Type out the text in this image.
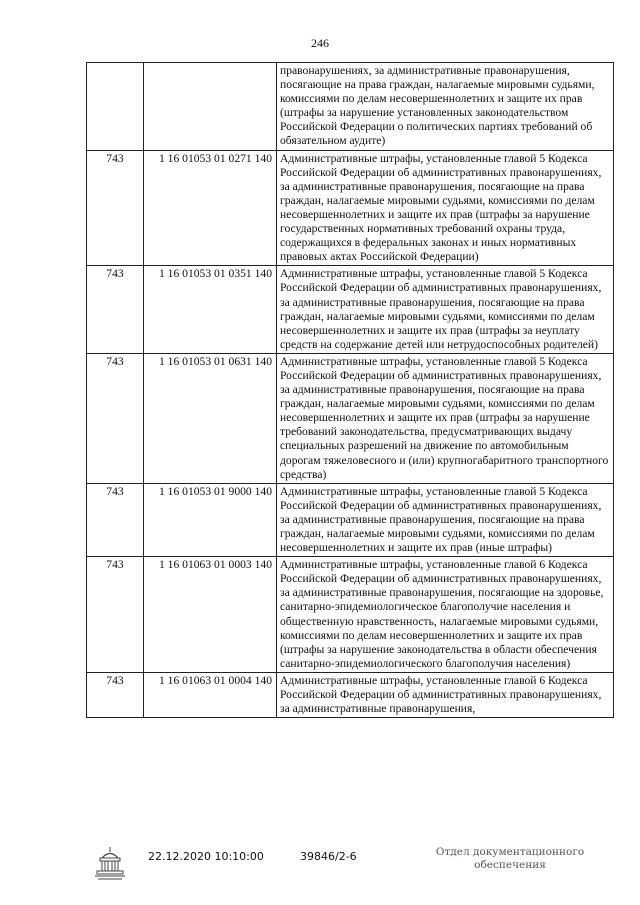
246
		правонарушениях, за административные правонарушения, посягающие на права граждан, налагаемые мировыми судьями, комиссиями по делам несовершеннолетних и защите их прав (штрафы за нарушение установленных законодательством Российской Федерации о политических партиях требований об обязательном аудите)
743	1 16 01053 01 0271 140	Административные штрафы, установленные главой 5 Кодекса Российской Федерации об административных правонарушениях, за административные правонарушения, посягающие на права граждан, налагаемые мировыми судьями, комиссиями по делам несовершеннолетних и защите их прав (штрафы за нарушение государственных нормативных требований охраны труда, содержащихся в федеральных законах и иных нормативных правовых актах Российской Федерации)
743	1 16 01053 01 0351 140	Административные штрафы, установленные главой 5 Кодекса Российской Федерации об административных правонарушениях, за административные правонарушения, посягающие на права граждан, налагаемые мировыми судьями, комиссиями по делам несовершеннолетних и защите их прав (штрафы за неуплату средств на содержание детей или нетрудоспособных родителей)
743	1 16 01053 01 0631 140	Административные штрафы, установленные главой 5 Кодекса Российской Федерации об административных правонарушениях, за административные правонарушения, посягающие на права граждан, налагаемые мировыми судьями, комиссиями по делам несовершеннолетних и защите их прав (штрафы за нарушение требований законодательства, предусматривающих выдачу специальных разрешений на движение по автомобильным дорогам тяжеловесного и (или) крупногабаритного транспортного средства)
743	1 16 01053 01 9000 140	Административные штрафы, установленные главой 5 Кодекса Российской Федерации об административных правонарушениях, за административные правонарушения, посягающие на права граждан, налагаемые мировыми судьями, комиссиями по делам несовершеннолетних и защите их прав (иные штрафы)
743	1 16 01063 01 0003 140	Административные штрафы, установленные главой 6 Кодекса Российской Федерации об административных правонарушениях, за административные правонарушения, посягающие на здоровье, санитарно-эпидемиологическое благополучие населения и общественную нравственность, налагаемые мировыми судьями, комиссиями по делам несовершеннолетних и защите их прав (штрафы за нарушение законодательства в области обеспечения санитарно-эпидемиологического благополучия населения)
743	1 16 01063 01 0004 140	Административные штрафы, установленные главой 6 Кодекса Российской Федерации об административных правонарушениях, за административные правонарушения,
22.12.2020 10:10:00	39846/2-6	Отдел документационного
обеспечения
